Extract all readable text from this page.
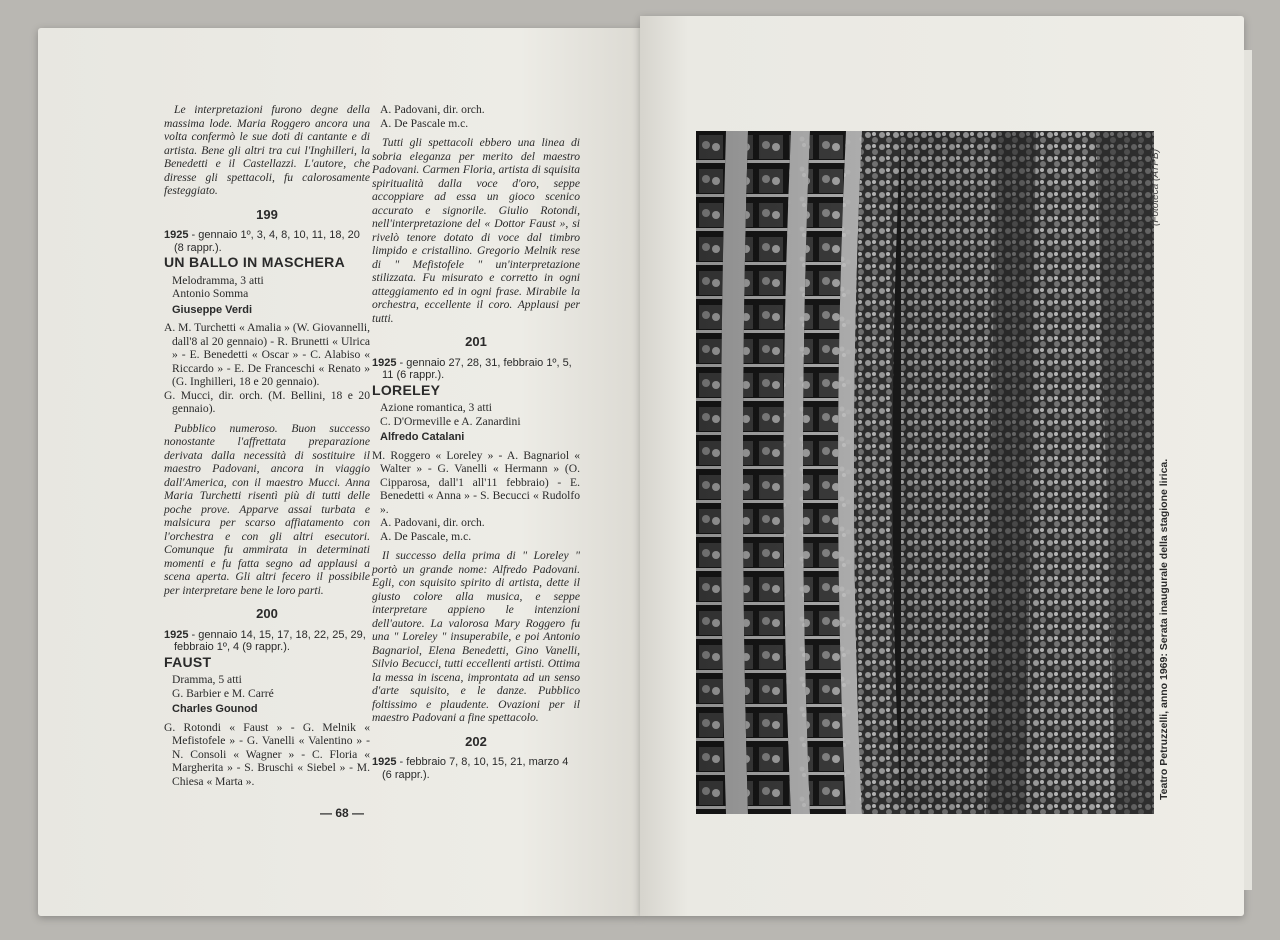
Le interpretazioni furono degne della massima lode. Maria Roggero ancora una volta confermò le sue doti di cantante e di artista. Bene gli altri tra cui l'Inghilleri, la Benedetti e il Castellazzi. L'autore, che diresse gli spettacoli, fu calorosamente festeggiato.

199

1925 - gennaio 1º, 3, 4, 8, 10, 11, 18, 20 (8 rappr.).

UN BALLO IN MASCHERA

Melodramma, 3 atti

Antonio Somma

Giuseppe Verdi

A. M. Turchetti « Amalia » (W. Giovannelli, dall'8 al 20 gennaio) - R. Brunetti « Ulrica » - E. Benedetti « Oscar » - C. Alabiso « Riccardo » - E. De Franceschi « Renato » (G. Inghilleri, 18 e 20 gennaio).

G. Mucci, dir. orch. (M. Bellini, 18 e 20 gennaio).

Pubblico numeroso. Buon successo nonostante l'affrettata preparazione derivata dalla necessità di sostituire il maestro Padovani, ancora in viaggio dall'America, con il maestro Mucci. Anna Maria Turchetti risentì più di tutti delle poche prove. Apparve assai turbata e malsicura per scarso affiatamento con l'orchestra e con gli altri esecutori. Comunque fu ammirata in determinati momenti e fu fatta segno ad applausi a scena aperta. Gli altri fecero il possibile per interpretare bene le loro parti.

200

1925 - gennaio 14, 15, 17, 18, 22, 25, 29, febbraio 1º, 4 (9 rappr.).

FAUST

Dramma, 5 atti

G. Barbier e M. Carré

Charles Gounod

G. Rotondi « Faust » - G. Melnik « Mefistofele » - G. Vanelli « Valentino » - N. Consoli « Wagner » - C. Floria « Margherita » - S. Bruschi « Siebel » - M. Chiesa « Marta ».

A. Padovani, dir. orch.

A. De Pascale m.c.

Tutti gli spettacoli ebbero una linea di sobria eleganza per merito del maestro Padovani. Carmen Floria, artista di squisita spiritualità dalla voce d'oro, seppe accoppiare ad essa un gioco scenico accurato e signorile. Giulio Rotondi, nell'interpretazione del « Dottor Faust », si rivelò tenore dotato di voce dal timbro limpido e cristallino. Gregorio Melnik rese di " Mefistofele " un'interpretazione stilizzata. Fu misurato e corretto in ogni atteggiamento ed in ogni frase. Mirabile la orchestra, eccellente il coro. Applausi per tutti.

201

1925 - gennaio 27, 28, 31, febbraio 1º, 5, 11 (6 rappr.).

LORELEY

Azione romantica, 3 atti

C. D'Ormeville e A. Zanardini

Alfredo Catalani

M. Roggero « Loreley » - A. Bagnariol « Walter » - G. Vanelli « Hermann » (O. Cipparosa, dall'1 all'11 febbraio) - E. Benedetti « Anna » - S. Becucci « Rudolfo ».

A. Padovani, dir. orch.

A. De Pascale, m.c.

Il successo della prima di " Loreley " portò un grande nome: Alfredo Padovani. Egli, con squisito spirito di artista, dette il giusto colore alla musica, e seppe interpretare appieno le intenzioni dell'autore. La valorosa Mary Roggero fu una " Loreley " insuperabile, e poi Antonio Bagnariol, Elena Benedetti, Gino Vanelli, Silvio Becucci, tutti eccellenti artisti. Ottima la messa in iscena, improntata ad un senso d'arte squisito, e le danze. Pubblico foltissimo e plaudente. Ovazioni per il maestro Padovani a fine spettacolo.

202

1925 - febbraio 7, 8, 10, 15, 21, marzo 4 (6 rappr.).

— 68 —
Teatro Petruzzelli, anno 1969: Serata inaugurale della stagione lirica.
(Fototeca (ATPB)
